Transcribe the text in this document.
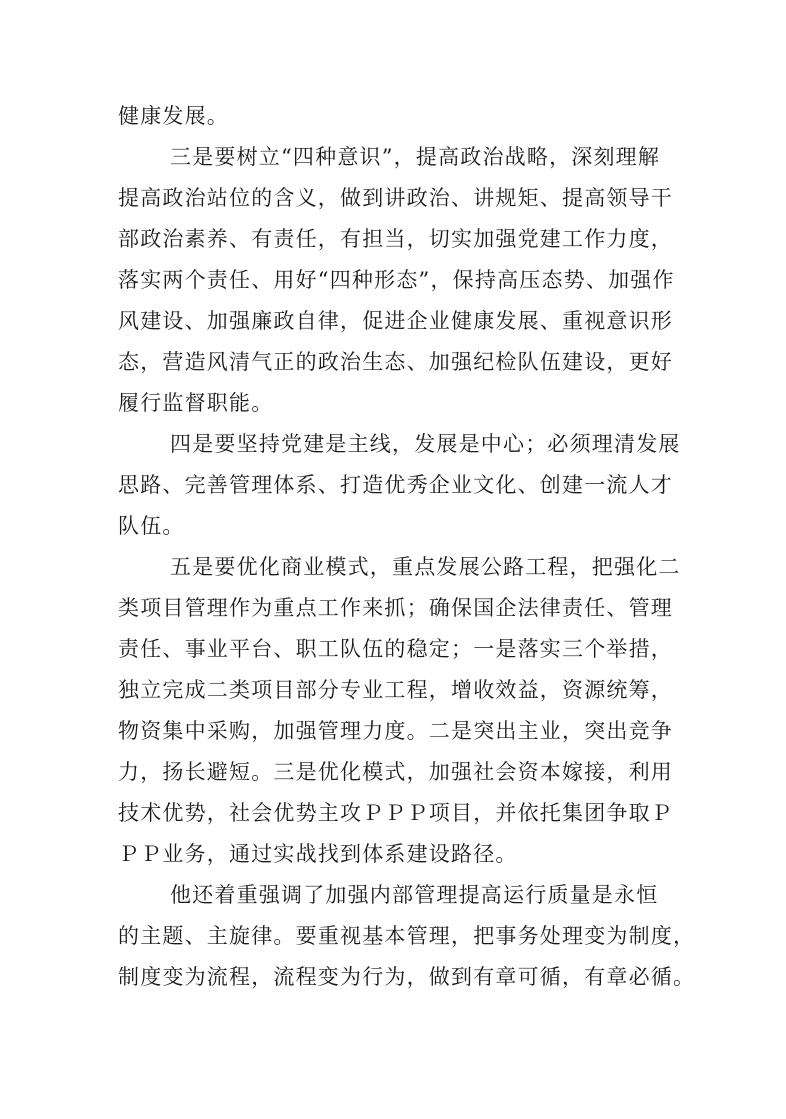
健康发展。
三是要树立“四种意识”，提高政治战略，深刻理解
提高政治站位的含义，做到讲政治、讲规矩、提高领导干
部政治素养、有责任，有担当，切实加强党建工作力度，
落实两个责任、用好“四种形态”，保持高压态势、加强作
风建设、加强廉政自律，促进企业健康发展、重视意识形
态，营造风清气正的政治生态、加强纪检队伍建设，更好
履行监督职能。
四是要坚持党建是主线，发展是中心；必须理清发展
思路、完善管理体系、打造优秀企业文化、创建一流人才
队伍。
五是要优化商业模式，重点发展公路工程，把强化二
类项目管理作为重点工作来抓；确保国企法律责任、管理
责任、事业平台、职工队伍的稳定；一是落实三个举措，
独立完成二类项目部分专业工程，增收效益，资源统筹，
物资集中采购，加强管理力度。二是突出主业，突出竞争
力，扬长避短。三是优化模式，加强社会资本嫁接，利用
技术优势，社会优势主攻ＰＰＰ项目，并依托集团争取Ｐ
ＰＰ业务，通过实战找到体系建设路径。
他还着重强调了加强内部管理提高运行质量是永恒
的主题、主旋律。要重视基本管理，把事务处理变为制度，
制度变为流程，流程变为行为，做到有章可循，有章必循。
